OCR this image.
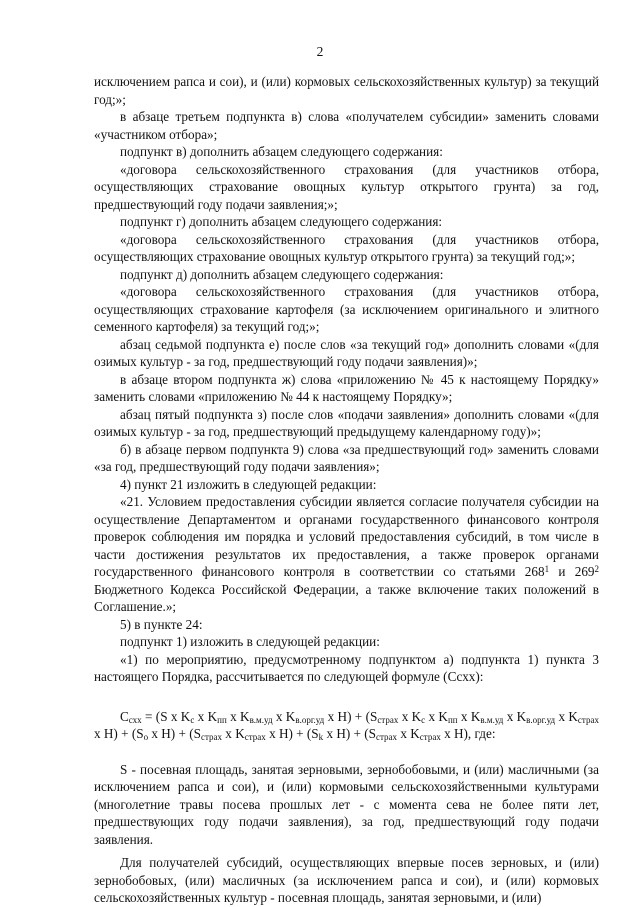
2

исключением рапса и сои), и (или) кормовых сельскохозяйственных культур) за текущий год;»;

в абзаце третьем подпункта в) слова «получателем субсидии» заменить словами «участником отбора»;

подпункт в) дополнить абзацем следующего содержания:

«договора сельскохозяйственного страхования (для участников отбора, осуществляющих страхование овощных культур открытого грунта) за год, предшествующий году подачи заявления;»;

подпункт г) дополнить абзацем следующего содержания:

«договора сельскохозяйственного страхования (для участников отбора, осуществляющих страхование овощных культур открытого грунта) за текущий год;»;

подпункт д) дополнить абзацем следующего содержания:

«договора сельскохозяйственного страхования (для участников отбора, осуществляющих страхование картофеля (за исключением оригинального и элитного семенного картофеля) за текущий год;»;

абзац седьмой подпункта е) после слов «за текущий год» дополнить словами «(для озимых культур - за год, предшествующий году подачи заявления)»;

в абзаце втором подпункта ж) слова «приложению № 45 к настоящему Порядку» заменить словами «приложению № 44 к настоящему Порядку»;

абзац пятый подпункта з) после слов «подачи заявления» дополнить словами «(для озимых культур - за год, предшествующий предыдущему календарному году)»;

б) в абзаце первом подпункта 9) слова «за предшествующий год» заменить словами «за год, предшествующий году подачи заявления»;

4) пункт 21 изложить в следующей редакции:

«21. Условием предоставления субсидии является согласие получателя субсидии на осуществление Департаментом и органами государственного финансового контроля проверок соблюдения им порядка и условий предоставления субсидий, в том числе в части достижения результатов их предоставления, а также проверок органами государственного финансового контроля в соответствии со статьями $268^1$ и $269^2$ Бюджетного Кодекса Российской Федерации, а также включение таких положений в Соглашение.»;

5) в пункте 24:

подпункт 1) изложить в следующей редакции:

«1) по мероприятию, предусмотренному подпунктом а) подпункта 1) пункта 3 настоящего Порядка, рассчитывается по следующей формуле (Ссхх):

$С_{схх} = (S$ x $K_c$ x $K_{пп}$ x $K_{в.м.уд}$ x $K_{в.орг.уд}$ x $Н) + (S_{страх}$ x $K_c$ x $K_{пп}$ x $K_{в.м.уд}$ x $K_{в.орг.уд}$ x $K_{страх}$ x $Н) + (S_о$ x $Н) + (S_{страх}$ x $K_{страх}$ x $Н) + (S_k$ x $Н) + (S_{страх}$ x $K_{страх}$ x Н), где:

S - посевная площадь, занятая зерновыми, зернобобовыми, и (или) масличными (за исключением рапса и сои), и (или) кормовыми сельскохозяйственными культурами (многолетние травы посева прошлых лет - с момента сева не более пяти лет, предшествующих году подачи заявления), за год, предшествующий году подачи заявления.

Для получателей субсидий, осуществляющих впервые посев зерновых, и (или) зернобобовых, (или) масличных (за исключением рапса и сои), и (или) кормовых сельскохозяйственных культур - посевная площадь, занятая зерновыми, и (или)
